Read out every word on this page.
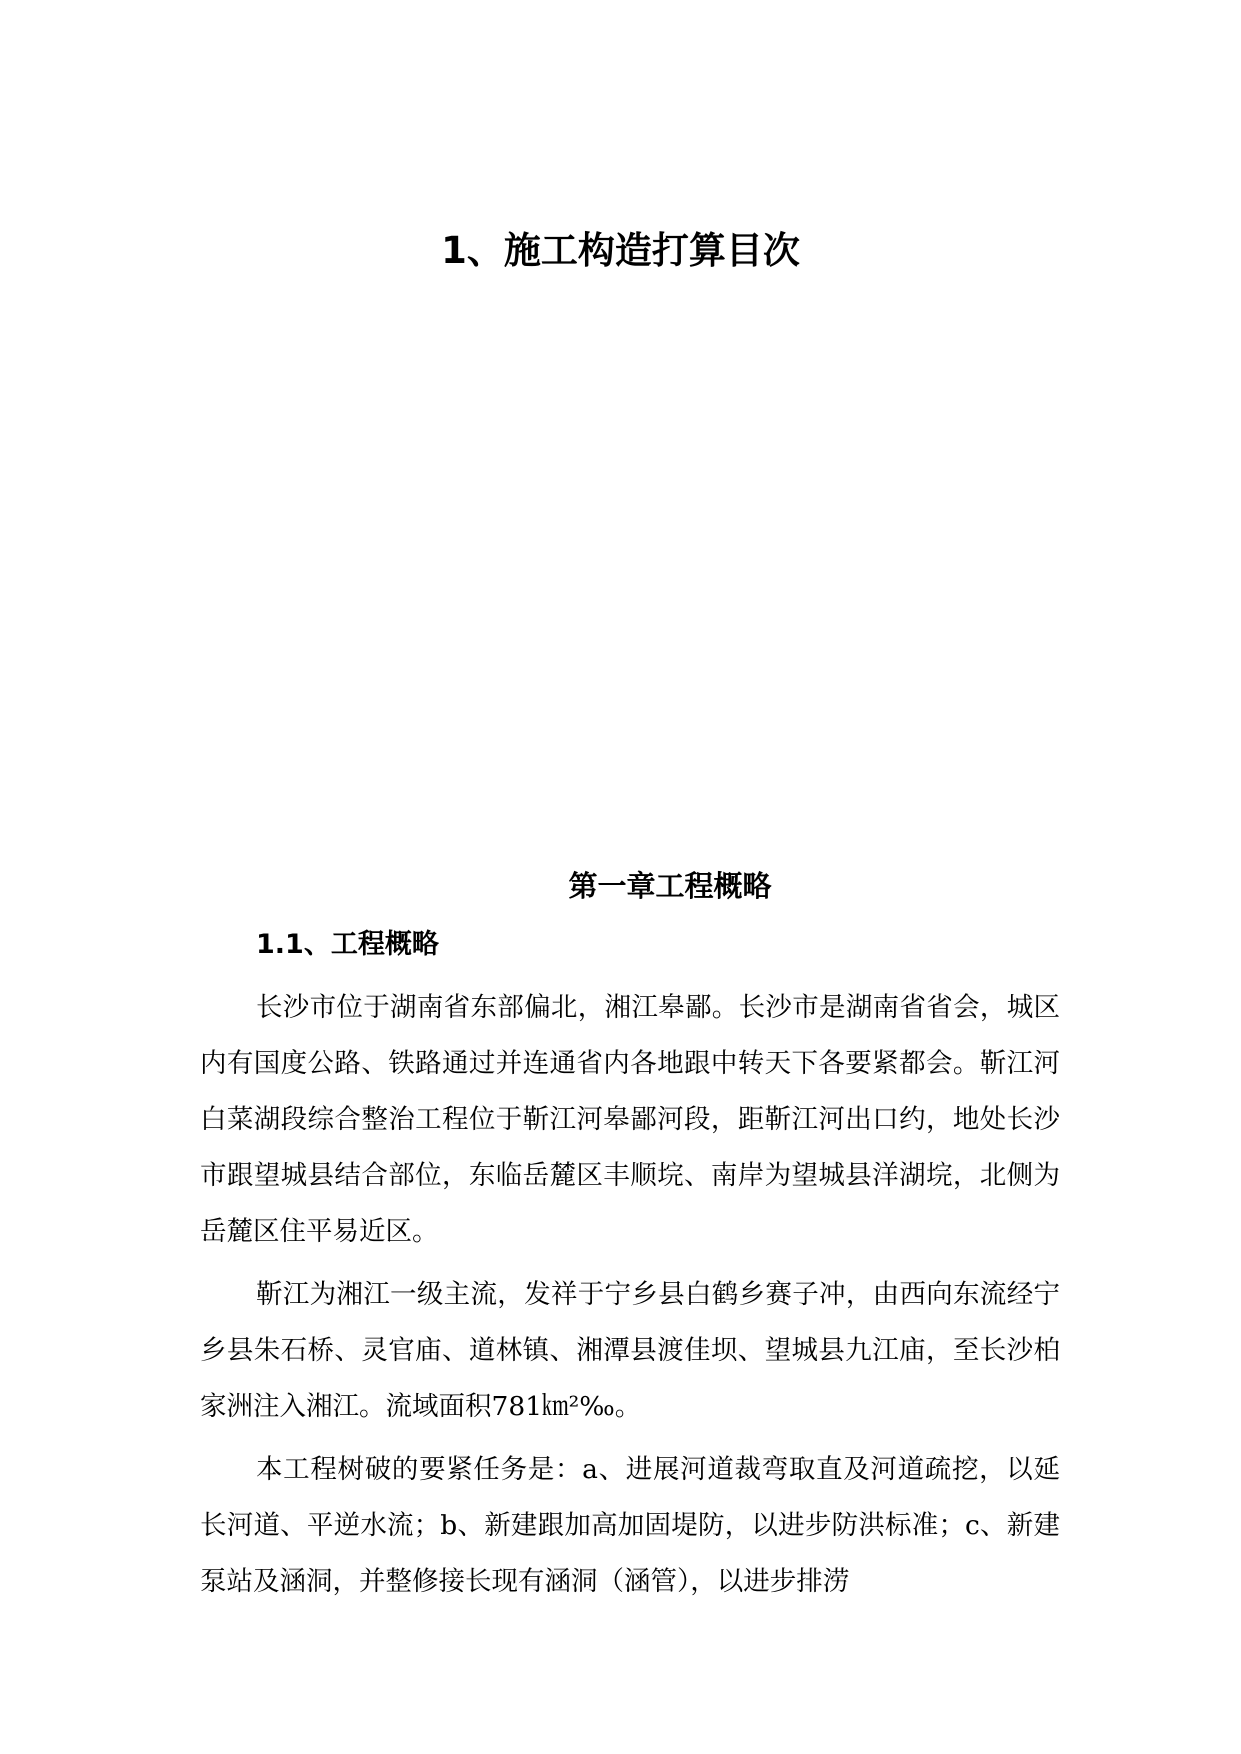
1、施工构造打算目次
第一章工程概略
1.1、工程概略

长沙市位于湖南省东部偏北，湘江皋鄙。长沙市是湖南省省会，城区内有国度公路、铁路通过并连通省内各地跟中转天下各要紧都会。靳江河白菜湖段综合整治工程位于靳江河皋鄙河段，距靳江河出口约，地处长沙市跟望城县结合部位，东临岳麓区丰顺垸、南岸为望城县洋湖垸，北侧为岳麓区住平易近区。

靳江为湘江一级主流，发祥于宁乡县白鹤乡赛子冲，由西向东流经宁乡县朱石桥、灵官庙、道林镇、湘潭县渡佳坝、望城县九江庙，至长沙柏家洲注入湘江。流域面积781㎞²‰。

本工程树破的要紧任务是：a、进展河道裁弯取直及河道疏挖，以延长河道、平逆水流；b、新建跟加高加固堤防，以进步防洪标准；c、新建泵站及涵洞，并整修接长现有涵洞（涵管），以进步排涝
